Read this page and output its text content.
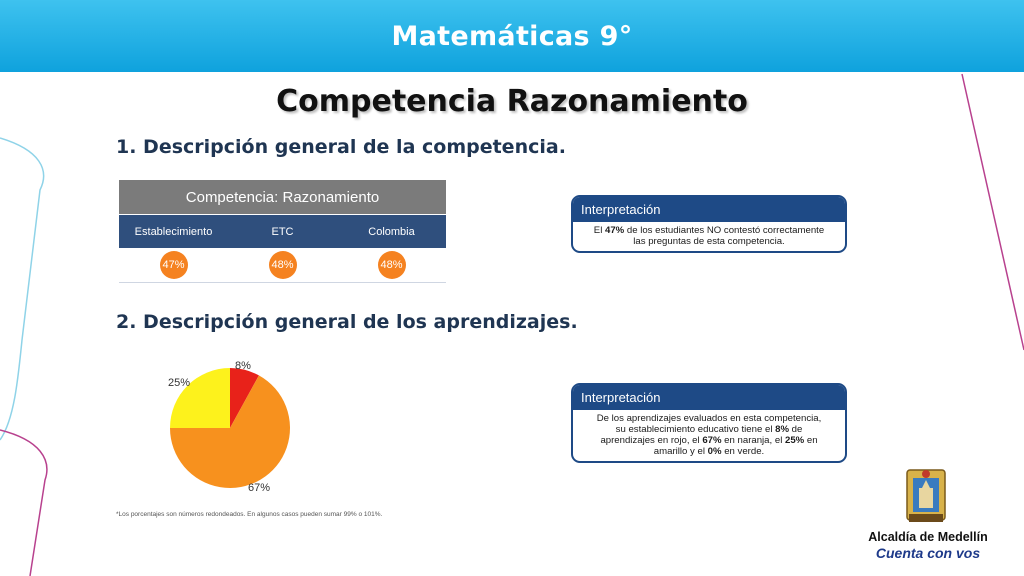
Matemáticas 9°
Competencia Razonamiento
1. Descripción general de la competencia.
Competencia: Razonamiento
Establecimiento	ETC	Colombia
47%	48%	48%
Interpretación
El 47% de los estudiantes NO contestó correctamente
las preguntas de esta competencia.
2. Descripción general de los aprendizajes.
8%
67%
25%
Interpretación
De los aprendizajes evaluados en esta competencia,
su establecimiento educativo tiene el 8% de
aprendizajes en rojo, el 67% en naranja, el 25% en
amarillo y el 0% en verde.
*Los porcentajes son números redondeados. En algunos casos pueden sumar 99% o 101%.
Alcaldía de Medellín
Cuenta con vos
